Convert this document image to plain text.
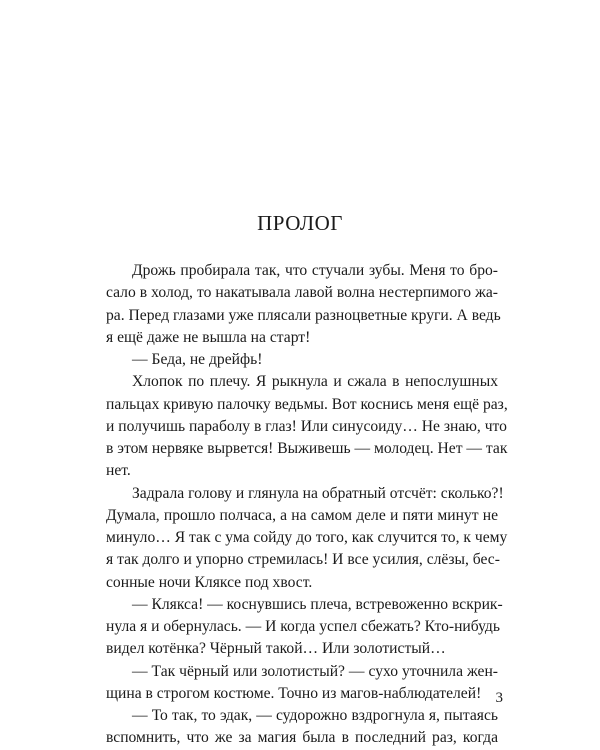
ПРОЛОГ
Дрожь пробирала так, что стучали зубы. Меня то бро-
сало в холод, то накатывала лавой волна нестерпимого жа-
ра. Перед глазами уже плясали разноцветные круги. А ведь
я ещё даже не вышла на старт!
— Беда, не дрейфь!
Хлопок по плечу. Я рыкнула и сжала в непослушных
пальцах кривую палочку ведьмы. Вот коснись меня ещё раз,
и получишь параболу в глаз! Или синусоиду… Не знаю, что
в этом нервяке вырвется! Выживешь — молодец. Нет — так
нет.
Задрала голову и глянула на обратный отсчёт: сколько?!
Думала, прошло полчаса, а на самом деле и пяти минут не
минуло… Я так с ума сойду до того, как случится то, к чему
я так долго и упорно стремилась! И все усилия, слёзы, бес-
сонные ночи Кляксе под хвост.
— Клякса! — коснувшись плеча, встревоженно вскрик-
нула я и обернулась. — И когда успел сбежать? Кто-нибудь
видел котёнка? Чёрный такой… Или золотистый…
— Так чёрный или золотистый? — сухо уточнила жен-
щина в строгом костюме. Точно из магов-наблюдателей!
— То так, то эдак, — судорожно вздрогнула я, пытаясь
вспомнить, что же за магия была в последний раз, когда
3
